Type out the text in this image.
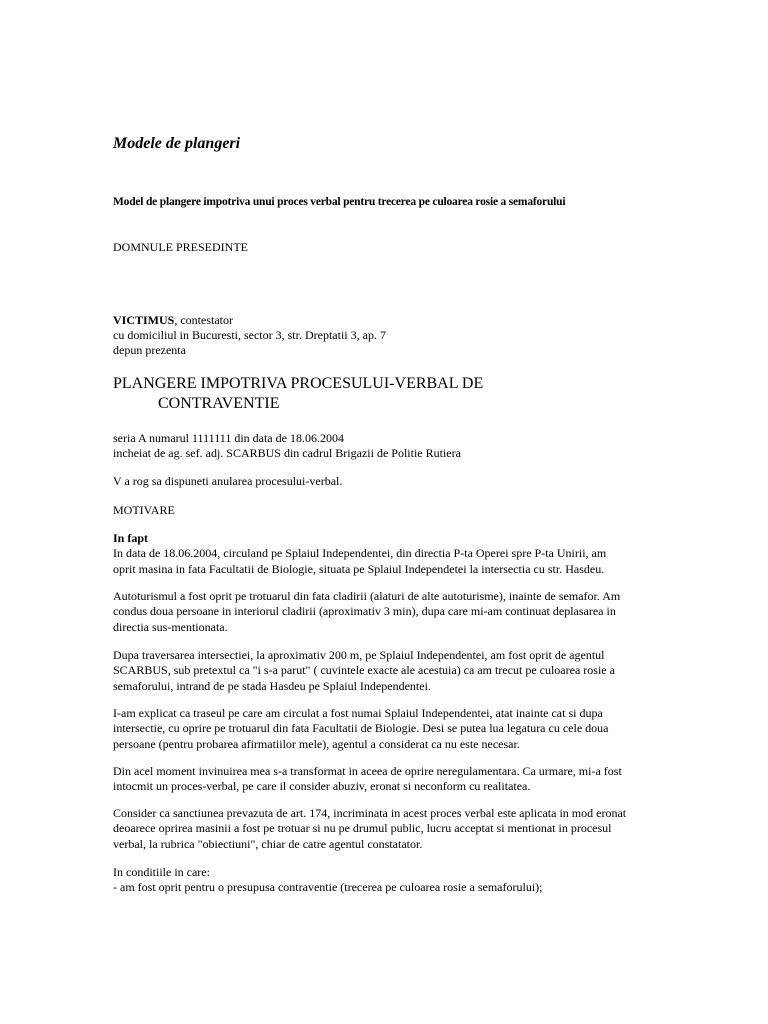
Modele de plangeri
Model de plangere impotriva unui proces verbal pentru trecerea pe culoarea rosie a semaforului

DOMNULE PRESEDINTE

VICTIMUS, contestator
cu domiciliul in Bucuresti, sector 3, str. Dreptatii 3, ap. 7
depun prezenta
PLANGERE IMPOTRIVA PROCESULUI-VERBAL DE
CONTRAVENTIE
seria A numarul 1111111 din data de 18.06.2004
incheiat de ag. sef. adj. SCARBUS din cadrul Brigazii de Politie Rutiera
V a rog sa dispuneti anularea procesului-verbal.
MOTIVARE
In fapt
In data de 18.06.2004, circuland pe Splaiul Independentei, din directia P-ta Operei spre P-ta Unirii, am
oprit masina in fata Facultatii de Biologie, situata pe Splaiul Independetei la intersectia cu str. Hasdeu.
Autoturismul a fost oprit pe trotuarul din fata cladirii (alaturi de alte autoturisme), inainte de semafor. Am
condus doua persoane in interiorul cladirii (aproximativ 3 min), dupa care mi-am continuat deplasarea in
directia sus-mentionata.
Dupa traversarea intersectiei, la aproximativ 200 m, pe Splaiul Independentei, am fost oprit de agentul
SCARBUS, sub pretextul ca "i s-a parut" ( cuvintele exacte ale acestuia) ca am trecut pe culoarea rosie a
semaforului, intrand de pe stada Hasdeu pe Splaiul Independentei.
I-am explicat ca traseul pe care am circulat a fost numai Splaiul Independentei, atat inainte cat si dupa
intersectie, cu oprire pe trotuarul din fata Facultatii de Biologie. Desi se putea lua legatura cu cele doua
persoane (pentru probarea afirmatiilor mele), agentul a considerat ca nu este necesar.
Din acel moment invinuirea mea s-a transformat in aceea de oprire neregulamentara. Ca urmare, mi-a fost
intocmit un proces-verbal, pe care il consider abuziv, eronat si neconform cu realitatea.
Consider ca sanctiunea prevazuta de art. 174, incriminata in acest proces verbal este aplicata in mod eronat
deoarece oprirea masinii a fost pe trotuar si nu pe drumul public, lucru acceptat si mentionat in procesul
verbal, la rubrica "obiectiuni", chiar de catre agentul constatator.
In conditiile in care:
- am fost oprit pentru o presupusa contraventie (trecerea pe culoarea rosie a semaforului);
